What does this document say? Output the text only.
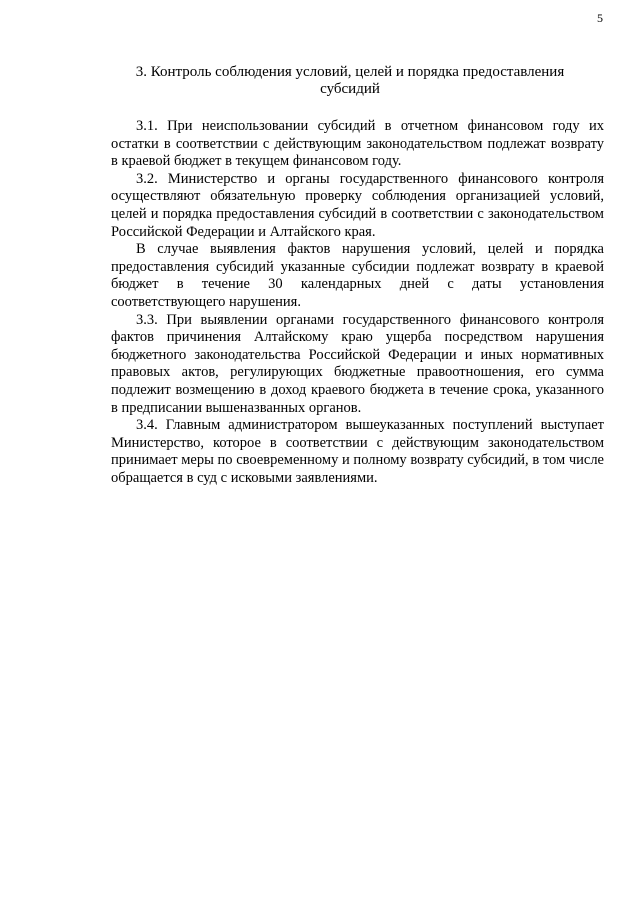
5
3. Контроль соблюдения условий, целей и порядка предоставления
субсидий

3.1. При неиспользовании субсидий в отчетном финансовом году их остатки в соответствии с действующим законодательством подлежат возврату в краевой бюджет в текущем финансовом году.

3.2. Министерство и органы государственного финансового контроля осуществляют обязательную проверку соблюдения организацией условий, целей и порядка предоставления субсидий в соответствии с законодательством Российской Федерации и Алтайского края.

В случае выявления фактов нарушения условий, целей и порядка предоставления субсидий указанные субсидии подлежат возврату в краевой бюджет в течение 30 календарных дней с даты установления соответствующего нарушения.

3.3. При выявлении органами государственного финансового контроля фактов причинения Алтайскому краю ущерба посредством нарушения бюджетного законодательства Российской Федерации и иных нормативных правовых актов, регулирующих бюджетные правоотношения, его сумма подлежит возмещению в доход краевого бюджета в течение срока, указанного в предписании вышеназванных органов.

3.4. Главным администратором вышеуказанных поступлений выступает Министерство, которое в соответствии с действующим законодательством принимает меры по своевременному и полному возврату субсидий, в том числе обращается в суд с исковыми заявлениями.
